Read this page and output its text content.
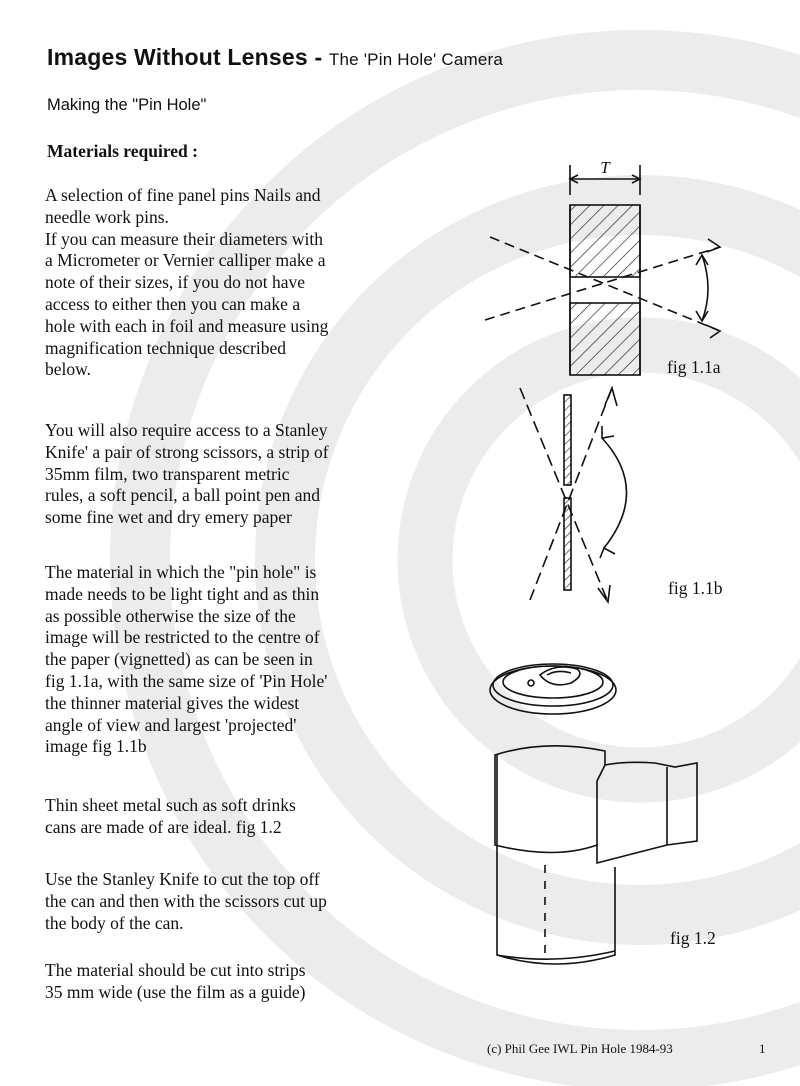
Images Without Lenses - The 'Pin Hole' Camera
Making the "Pin Hole"
Materials required :

A selection of fine panel pins Nails and
needle work pins.
If you can measure their diameters with
a Micrometer or Vernier calliper make a
note of their sizes, if you do not have
access to either then you can make a
hole with each in foil and measure using
magnification technique described
below.

You will also require access to a Stanley
Knife' a pair of strong scissors, a strip of
35mm film, two transparent metric
rules, a soft pencil, a ball point pen and
some fine wet and dry emery paper

The material in which the "pin hole" is
made needs to be light tight and as thin
as possible otherwise the size of the
image will be restricted to the centre of
the paper (vignetted) as can be seen in
fig 1.1a, with the same size of 'Pin Hole'
the thinner material gives the widest
angle of view and largest 'projected'
image fig 1.1b

Thin sheet metal such as soft drinks
cans are made of are ideal. fig 1.2

Use the Stanley Knife to cut the top off
the can and then with the scissors cut up
the body of the can.

The material should be cut into strips
35 mm wide (use the film as a guide)

T
fig 1.1a
fig 1.1b
fig 1.2
(c) Phil Gee IWL Pin Hole 1984-93	1
